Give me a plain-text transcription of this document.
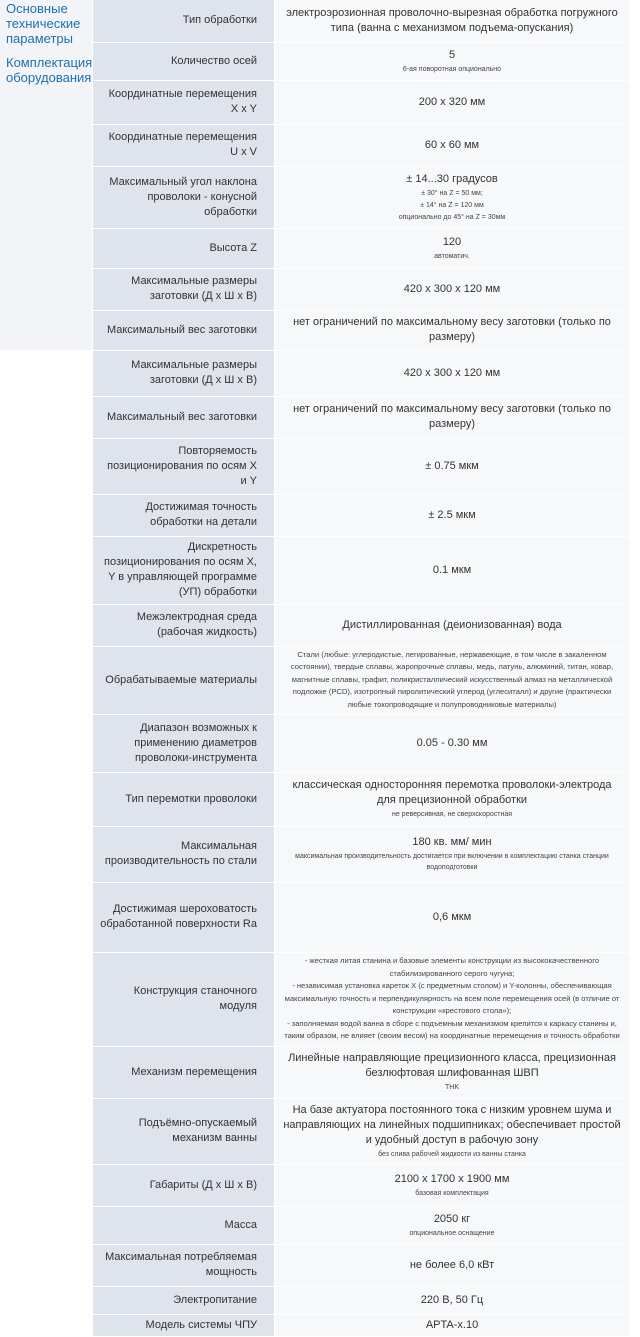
Основные технические параметры
Комплектация оборудования
Тип обработки	электроэрозионная проволочно-вырезная обработка погружного типа (ванна с механизмом подъема-опускания)

Количество осей	5
6-ая поворотная опционально

Координатные перемещения X x Y	200 x 320 мм

Координатные перемещения U x V	60 x 60 мм

Максимальный угол наклона проволоки - конусной обработки	± 14...30 градусов
± 30° на Z = 50 мм;
± 14° на Z = 120 мм
опционально до 45° на Z = 30мм

Высота Z	120
автоматич.

Максимальные размеры заготовки (Д х Ш х В)	420 х 300 х 120 мм

Максимальный вес заготовки	нет ограничений по максимальному весу заготовки (только по размеру)

Максимальные размеры заготовки (Д х Ш х В)	420 х 300 х 120 мм

Максимальный вес заготовки	нет ограничений по максимальному весу заготовки (только по размеру)

Повторяемость позиционирования по осям X и Y	± 0.75 мкм

Достижимая точность обработки на детали	± 2.5 мкм

Дискретность позиционирования по осям X, Y в управляющей программе (УП) обработки	0.1 мкм

Межэлектродная среда (рабочая жидкость)	Дистиллированная (деионизованная) вода

Обрабатываемые материалы	Стали (любые: углеродистые, легированные, нержавеющие, в том числе в закаленном состоянии), твердые сплавы, жаропрочные сплавы, медь, латунь, алюминий, титан, ковар, магнитные сплавы, графит, поликристаллический искусственный алмаз на металлической подложке (PCD), изотропный пиролитический углерод (углеситалл) и другие (практически любые токопроводящие и полупроводниковые материалы)

Диапазон возможных к применению диаметров проволоки-инструмента	0.05 - 0.30 мм

Тип перемотки проволоки	классическая односторонняя перемотка проволоки-электрода для прецизионной обработки
не реверсивная, не сверхскоростная

Максимальная производительность по стали	180 кв. мм/ мин
максимальная производительность достигается при включении в комплектацию станка станции водоподготовки

Достижимая шероховатость обработанной поверхности Ra	0,6 мкм

Конструкция станочного модуля	- жесткая литая станина и базовые элементы конструкции из высококачественного стабилизированного серого чугуна;
- независимая установка кареток X (с предметным столом) и Y-колонны, обеспечивающая максимальную точность и перпендикулярность на всем поле перемещения осей (в отличие от конструкции «крестового стола»);
- заполняемая водой ванна в сборе с подъемным механизмом крепится к каркасу станины и, таким образом, не влияет (своим весом) на координатные перемещения и точность обработки

Механизм перемещения	Линейные направляющие прецизионного класса, прецизионная безлюфтовая шлифованная ШВП
THK

Подъёмно-опускаемый механизм ванны	На базе актуатора постоянного тока с низким уровнем шума и направляющих на линейных подшипниках; обеспечивает простой и удобный доступ в рабочую зону
без слива рабочей жидкости из ванны станка

Габариты (Д х Ш х В)	2100 х 1700 х 1900 мм
базовая комплектация

Масса	2050 кг
опциональное оснащение

Максимальная потребляемая мощность	не более 6,0 кВт

Электропитание	220 В, 50 Гц

Модель системы ЧПУ	APTA-x.10
